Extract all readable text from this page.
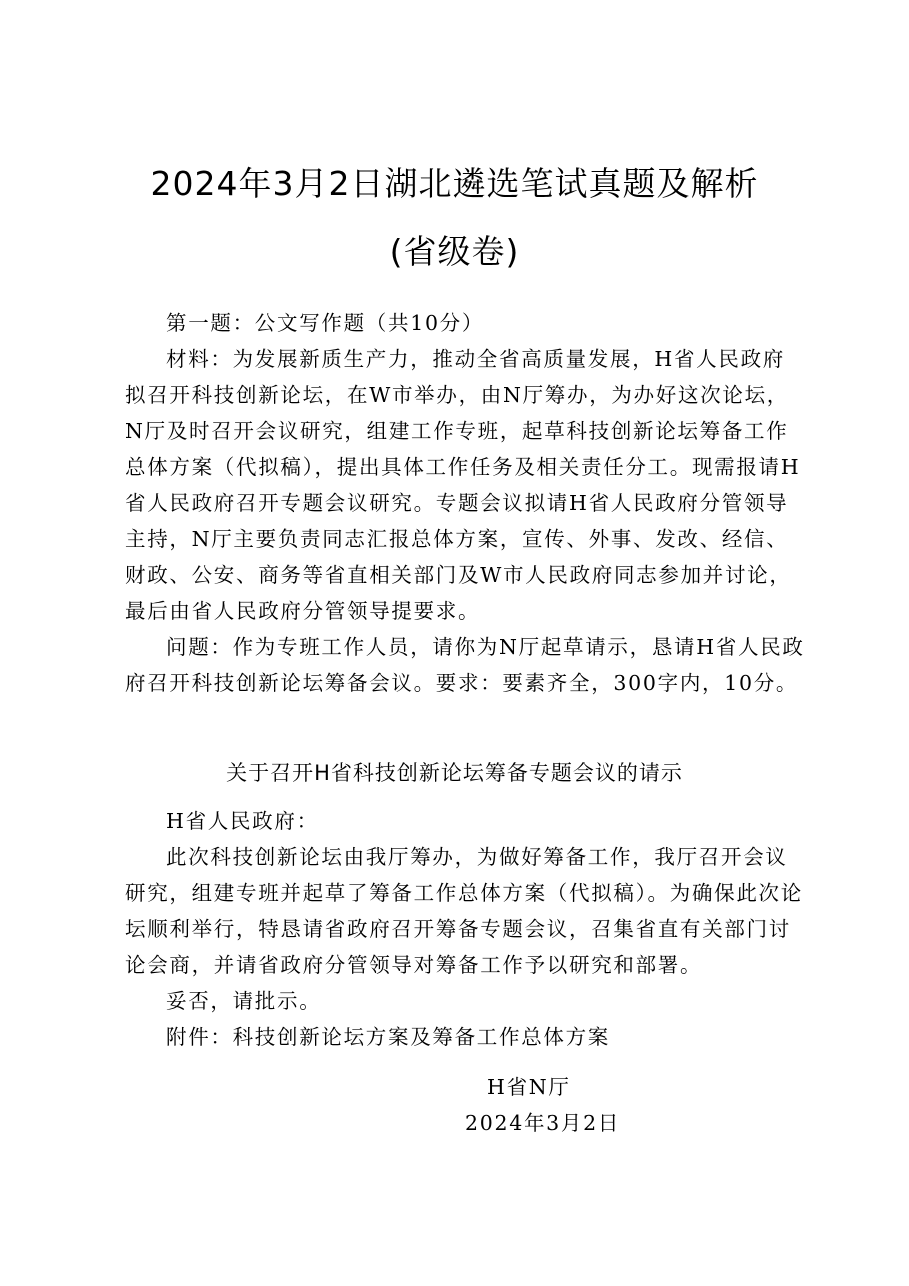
2024年3月2日湖北遴选笔试真题及解析
(省级卷)

第一题：公文写作题（共10分）

材料：为发展新质生产力，推动全省高质量发展，H省人民政府拟召开科技创新论坛，在W市举办，由N厅筹办，为办好这次论坛，N厅及时召开会议研究，组建工作专班，起草科技创新论坛筹备工作总体方案（代拟稿），提出具体工作任务及相关责任分工。现需报请H省人民政府召开专题会议研究。专题会议拟请H省人民政府分管领导主持，N厅主要负责同志汇报总体方案，宣传、外事、发改、经信、财政、公安、商务等省直相关部门及W市人民政府同志参加并讨论，最后由省人民政府分管领导提要求。

问题：作为专班工作人员，请你为N厅起草请示，恳请H省人民政府召开科技创新论坛筹备会议。要求：要素齐全，300字内，10分。

关于召开H省科技创新论坛筹备专题会议的请示

H省人民政府：

此次科技创新论坛由我厅筹办，为做好筹备工作，我厅召开会议研究，组建专班并起草了筹备工作总体方案（代拟稿）。为确保此次论坛顺利举行，特恳请省政府召开筹备专题会议，召集省直有关部门讨论会商，并请省政府分管领导对筹备工作予以研究和部署。

妥否，请批示。

附件：科技创新论坛方案及筹备工作总体方案

H省N厅
2024年3月2日
